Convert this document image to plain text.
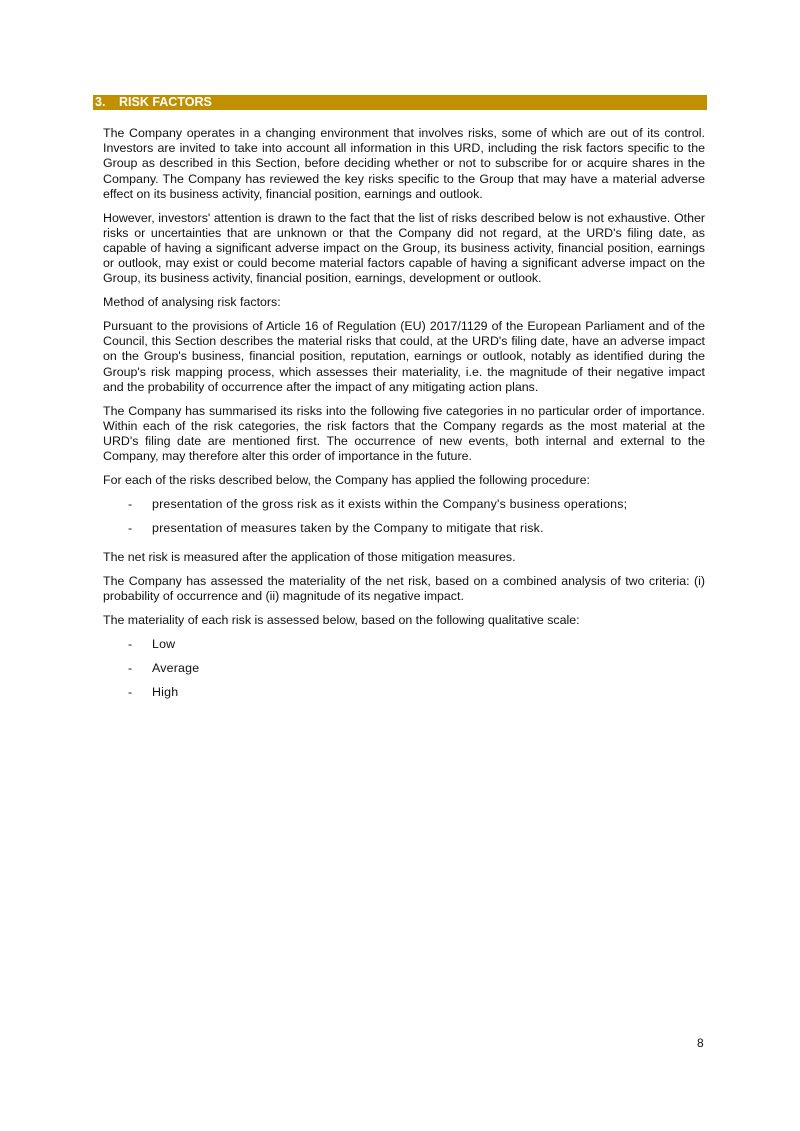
3. RISK FACTORS

The Company operates in a changing environment that involves risks, some of which are out of its control. Investors are invited to take into account all information in this URD, including the risk factors specific to the Group as described in this Section, before deciding whether or not to subscribe for or acquire shares in the Company. The Company has reviewed the key risks specific to the Group that may have a material adverse effect on its business activity, financial position, earnings and outlook.

However, investors' attention is drawn to the fact that the list of risks described below is not exhaustive. Other risks or uncertainties that are unknown or that the Company did not regard, at the URD's filing date, as capable of having a significant adverse impact on the Group, its business activity, financial position, earnings or outlook, may exist or could become material factors capable of having a significant adverse impact on the Group, its business activity, financial position, earnings, development or outlook.

Method of analysing risk factors:

Pursuant to the provisions of Article 16 of Regulation (EU) 2017/1129 of the European Parliament and of the Council, this Section describes the material risks that could, at the URD's filing date, have an adverse impact on the Group's business, financial position, reputation, earnings or outlook, notably as identified during the Group's risk mapping process, which assesses their materiality, i.e. the magnitude of their negative impact and the probability of occurrence after the impact of any mitigating action plans.

The Company has summarised its risks into the following five categories in no particular order of importance. Within each of the risk categories, the risk factors that the Company regards as the most material at the URD's filing date are mentioned first. The occurrence of new events, both internal and external to the Company, may therefore alter this order of importance in the future.

For each of the risks described below, the Company has applied the following procedure:

- presentation of the gross risk as it exists within the Company's business operations;
- presentation of measures taken by the Company to mitigate that risk.

The net risk is measured after the application of those mitigation measures.

The Company has assessed the materiality of the net risk, based on a combined analysis of two criteria: (i) probability of occurrence and (ii) magnitude of its negative impact.

The materiality of each risk is assessed below, based on the following qualitative scale:

- Low
- Average
- High
8
